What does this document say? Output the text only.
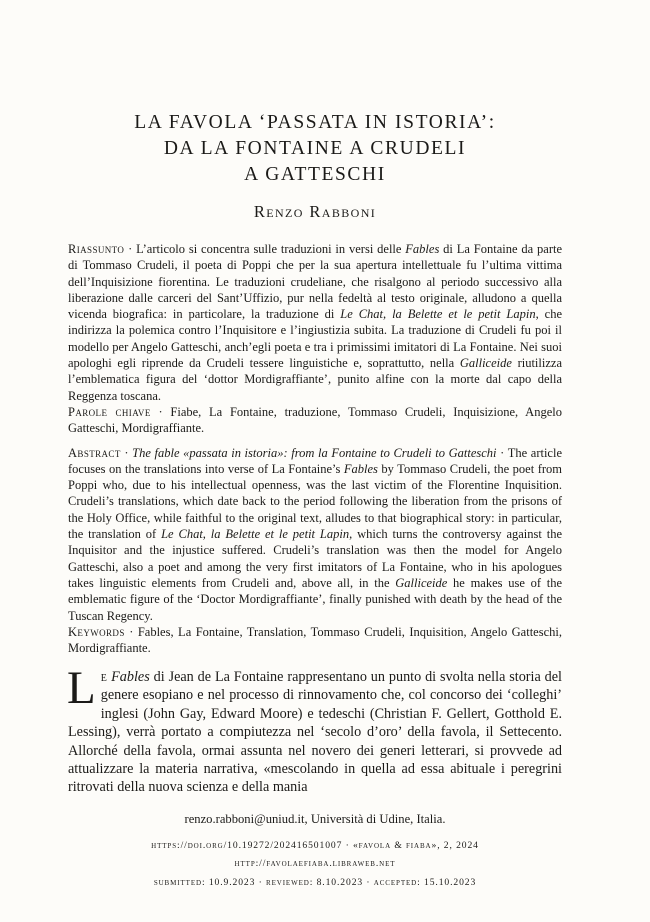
LA FAVOLA ‘PASSATA IN ISTORIA’:
DA LA FONTAINE A CRUDELI
A GATTESCHI
Renzo Rabboni

Riassunto · L’articolo si concentra sulle traduzioni in versi delle Fables di La Fontaine da parte di Tommaso Crudeli, il poeta di Poppi che per la sua apertura intellettuale fu l’ultima vittima dell’Inquisizione fiorentina. Le traduzioni crudeliane, che risalgono al periodo successivo alla liberazione dalle carceri del Sant’Uffizio, pur nella fedeltà al testo originale, alludono a quella vicenda biografica: in particolare, la traduzione di Le Chat, la Belette et le petit Lapin, che indirizza la polemica contro l’Inquisitore e l’ingiustizia subita. La traduzione di Crudeli fu poi il modello per Angelo Gatteschi, anch’egli poeta e tra i primissimi imitatori di La Fontaine. Nei suoi apologhi egli riprende da Crudeli tessere linguistiche e, soprattutto, nella Galliceide riutilizza l’emblematica figura del ‘dottor Mordigraffiante’, punito alfine con la morte dal capo della Reggenza toscana.

Parole chiave · Fiabe, La Fontaine, traduzione, Tommaso Crudeli, Inquisizione, Angelo Gatteschi, Mordigraffiante.

Abstract · The fable «passata in istoria»: from la Fontaine to Crudeli to Gatteschi · The article focuses on the translations into verse of La Fontaine’s Fables by Tommaso Crudeli, the poet from Poppi who, due to his intellectual openness, was the last victim of the Florentine Inquisition. Crudeli’s translations, which date back to the period following the liberation from the prisons of the Holy Office, while faithful to the original text, alludes to that biographical story: in particular, the translation of Le Chat, la Belette et le petit Lapin, which turns the controversy against the Inquisitor and the injustice suffered. Crudeli’s translation was then the model for Angelo Gatteschi, also a poet and among the very first imitators of La Fontaine, who in his apologues takes linguistic elements from Crudeli and, above all, in the Galliceide he makes use of the emblematic figure of the ‘Doctor Mordigraffiante’, finally punished with death by the head of the Tuscan Regency.

Keywords · Fables, La Fontaine, Translation, Tommaso Crudeli, Inquisition, Angelo Gatteschi, Mordigraffiante.

Le Fables di Jean de La Fontaine rappresentano un punto di svolta nella storia del genere esopiano e nel processo di rinnovamento che, col concorso dei ‘colleghi’ inglesi (John Gay, Edward Moore) e tedeschi (Christian F. Gellert, Gotthold E. Lessing), verrà portato a compiutezza nel ‘secolo d’oro’ della favola, il Settecento. Allorché della favola, ormai assunta nel novero dei generi letterari, si provvede ad attualizzare la materia narrativa, «mescolando in quella ad essa abituale i peregrini ritrovati della nuova scienza e della mania

renzo.rabboni@uniud.it, Università di Udine, Italia.
https://doi.org/10.19272/202416501007 · «favola & fiaba», 2, 2024
http://favolaefiaba.libraweb.net
submitted: 10.9.2023 · reviewed: 8.10.2023 · accepted: 15.10.2023
